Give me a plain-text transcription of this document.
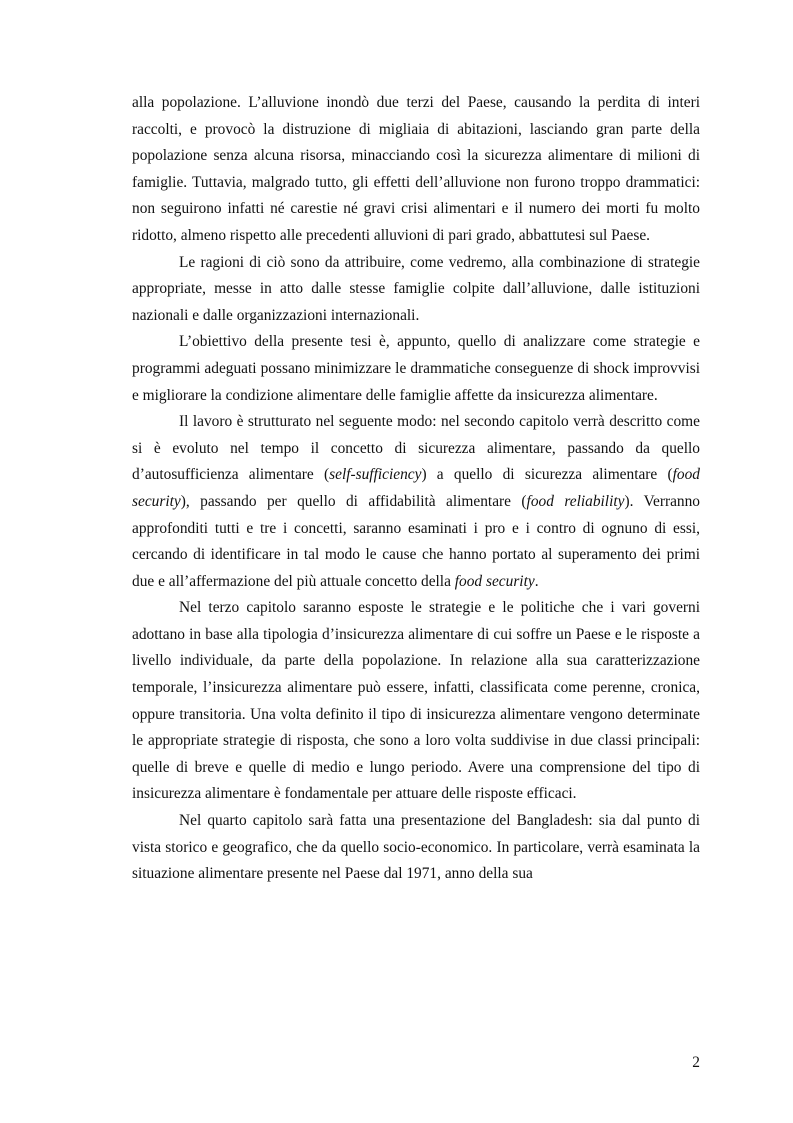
alla popolazione. L’alluvione inondò due terzi del Paese, causando la perdita di interi raccolti, e provocò la distruzione di migliaia di abitazioni, lasciando gran parte della popolazione senza alcuna risorsa, minacciando così la sicurezza alimentare di milioni di famiglie. Tuttavia, malgrado tutto, gli effetti dell’alluvione non furono troppo drammatici: non seguirono infatti né carestie né gravi crisi alimentari e il numero dei morti fu molto ridotto, almeno rispetto alle precedenti alluvioni di pari grado, abbattutesi sul Paese.

Le ragioni di ciò sono da attribuire, come vedremo, alla combinazione di strategie appropriate, messe in atto dalle stesse famiglie colpite dall’alluvione, dalle istituzioni nazionali e dalle organizzazioni internazionali.

L’obiettivo della presente tesi è, appunto, quello di analizzare come strategie e programmi adeguati possano minimizzare le drammatiche conseguenze di shock improvvisi e migliorare la condizione alimentare delle famiglie affette da insicurezza alimentare.

Il lavoro è strutturato nel seguente modo: nel secondo capitolo verrà descritto come si è evoluto nel tempo il concetto di sicurezza alimentare, passando da quello d’autosufficienza alimentare (self-sufficiency) a quello di sicurezza alimentare (food security), passando per quello di affidabilità alimentare (food reliability). Verranno approfonditi tutti e tre i concetti, saranno esaminati i pro e i contro di ognuno di essi, cercando di identificare in tal modo le cause che hanno portato al superamento dei primi due e all’affermazione del più attuale concetto della food security.

Nel terzo capitolo saranno esposte le strategie e le politiche che i vari governi adottano in base alla tipologia d’insicurezza alimentare di cui soffre un Paese e le risposte a livello individuale, da parte della popolazione. In relazione alla sua caratterizzazione temporale, l’insicurezza alimentare può essere, infatti, classificata come perenne, cronica, oppure transitoria. Una volta definito il tipo di insicurezza alimentare vengono determinate le appropriate strategie di risposta, che sono a loro volta suddivise in due classi principali: quelle di breve e quelle di medio e lungo periodo. Avere una comprensione del tipo di insicurezza alimentare è fondamentale per attuare delle risposte efficaci.

Nel quarto capitolo sarà fatta una presentazione del Bangladesh: sia dal punto di vista storico e geografico, che da quello socio-economico. In particolare, verrà esaminata la situazione alimentare presente nel Paese dal 1971, anno della sua

2
